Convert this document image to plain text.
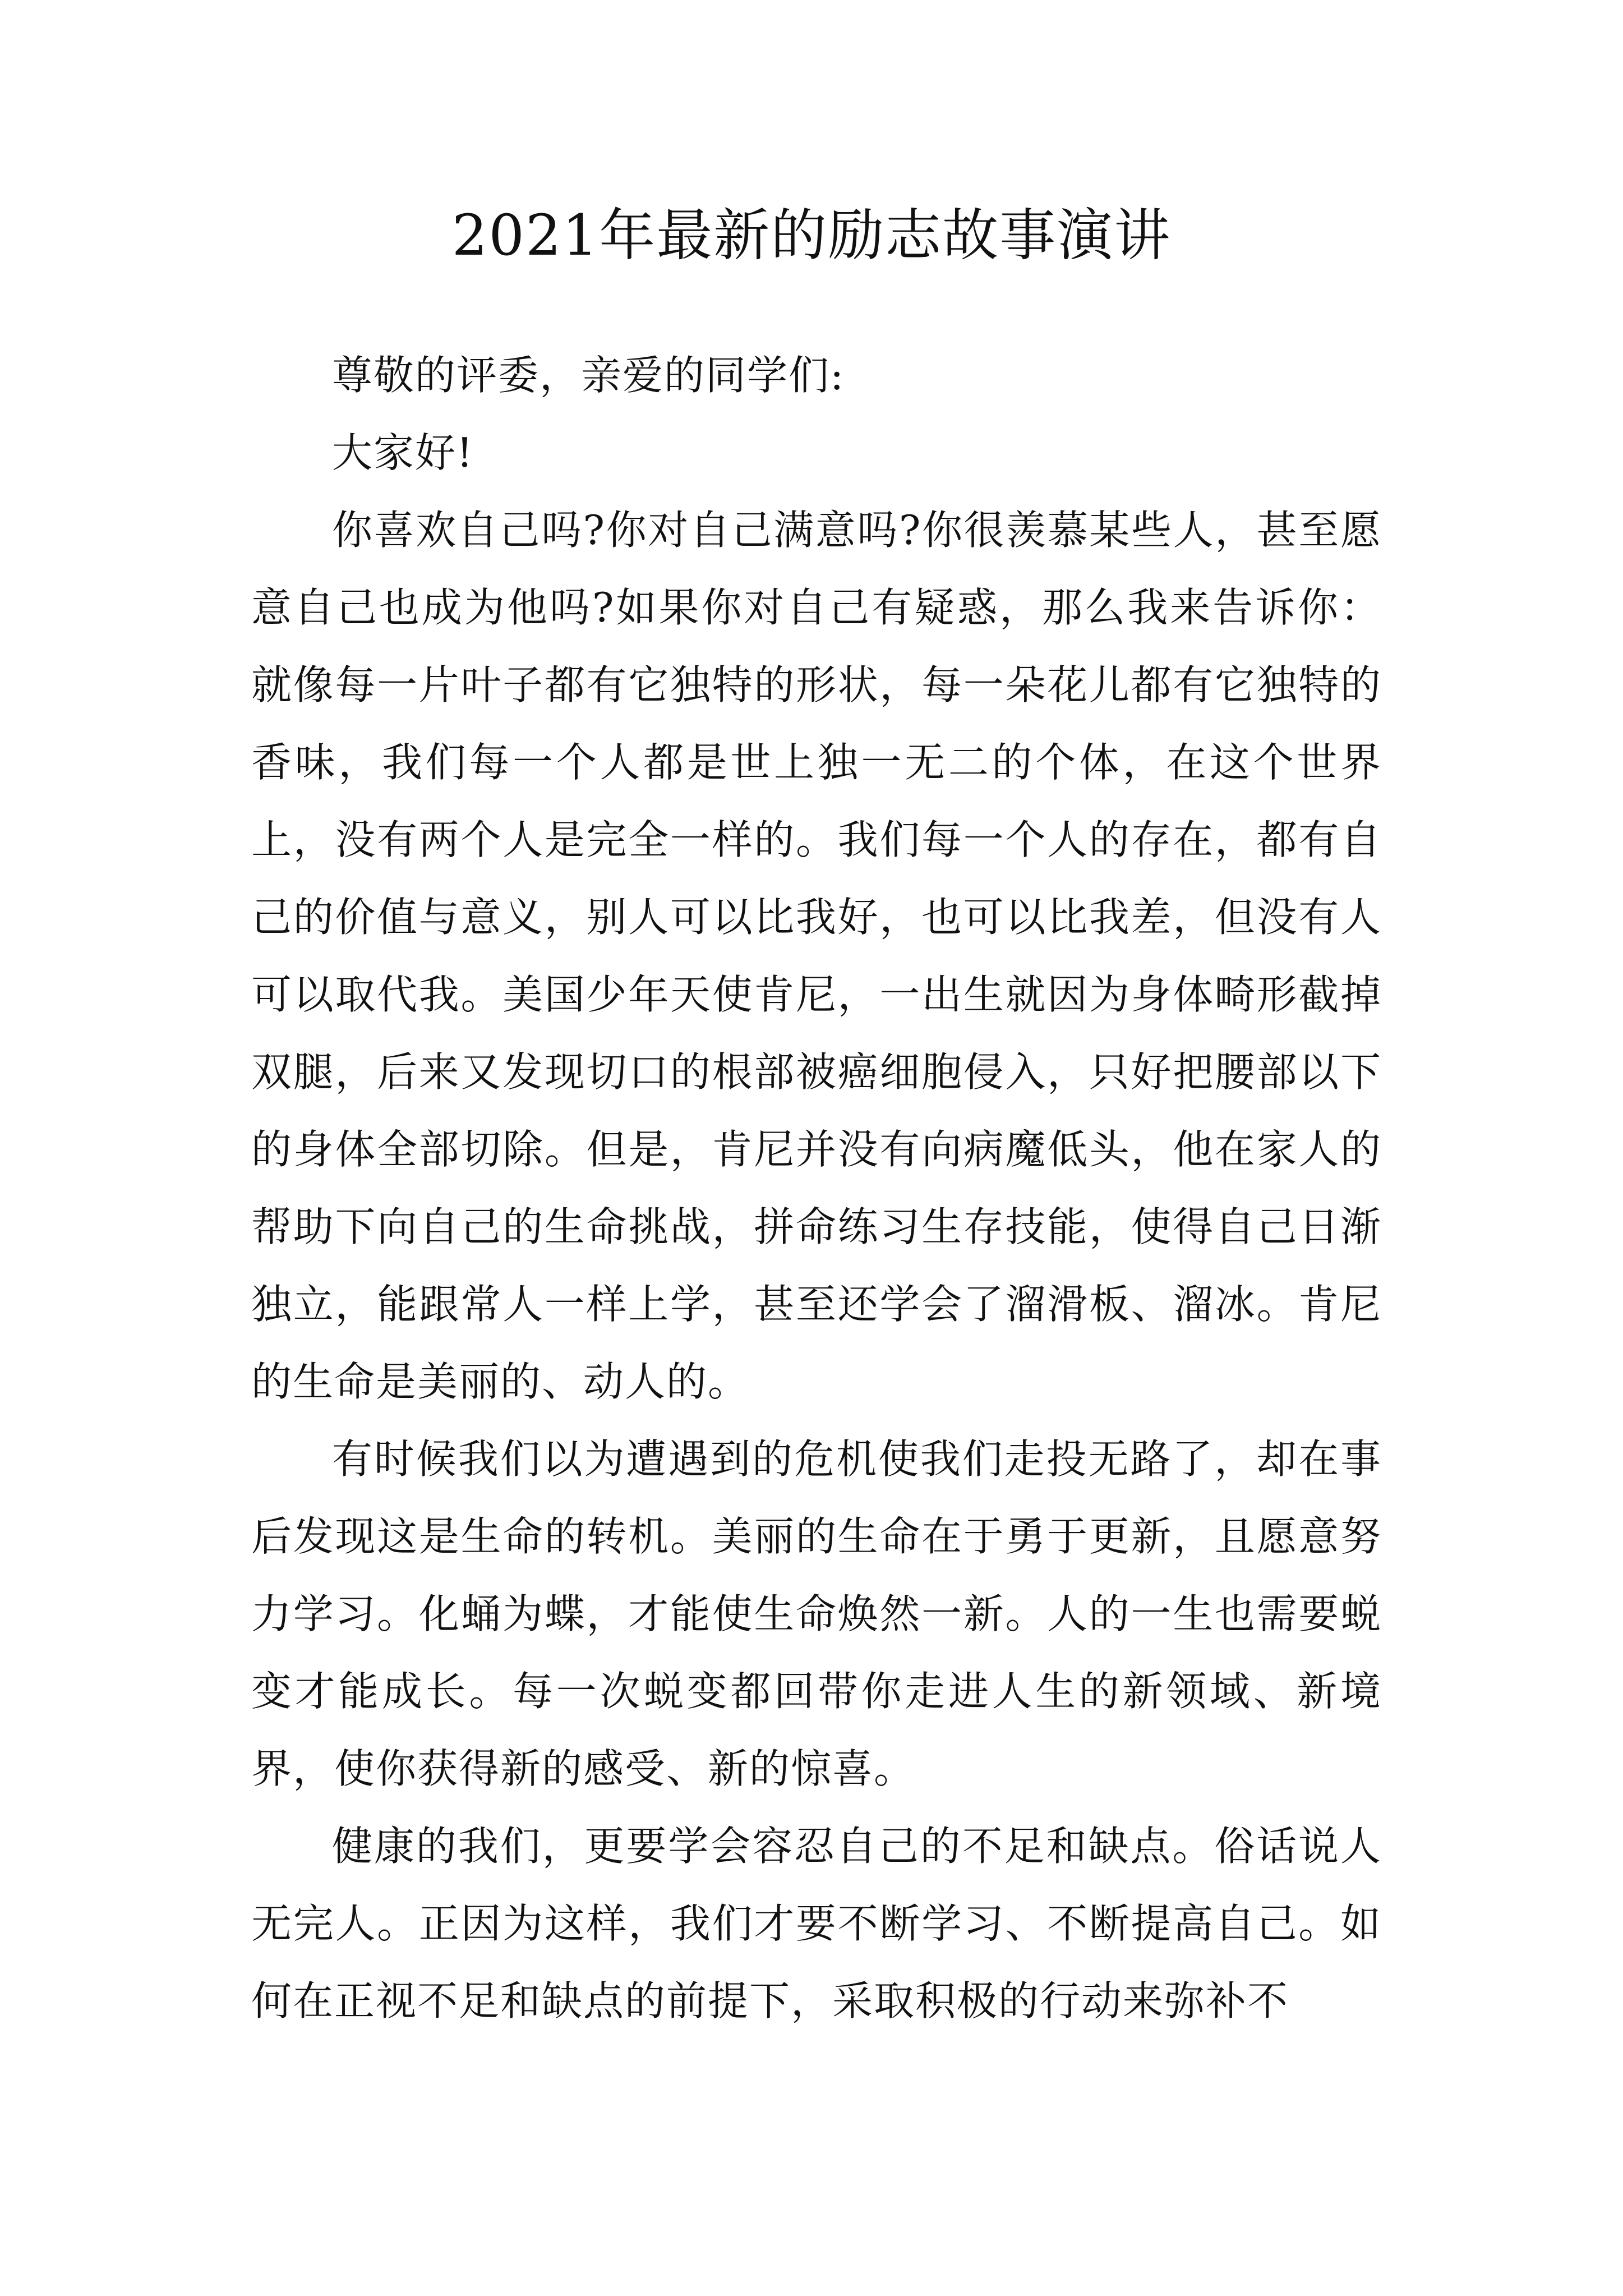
2021年最新的励志故事演讲

尊敬的评委，亲爱的同学们:

大家好!

你喜欢自己吗?你对自己满意吗?你很羡慕某些人，甚至愿意自己也成为他吗?如果你对自己有疑惑，那么我来告诉你：就像每一片叶子都有它独特的形状，每一朵花儿都有它独特的香味，我们每一个人都是世上独一无二的个体，在这个世界上，没有两个人是完全一样的。我们每一个人的存在，都有自己的价值与意义，别人可以比我好，也可以比我差，但没有人可以取代我。美国少年天使肯尼，一出生就因为身体畸形截掉双腿，后来又发现切口的根部被癌细胞侵入，只好把腰部以下的身体全部切除。但是，肯尼并没有向病魔低头，他在家人的帮助下向自己的生命挑战，拼命练习生存技能，使得自己日渐独立，能跟常人一样上学，甚至还学会了溜滑板、溜冰。肯尼的生命是美丽的、动人的。

有时候我们以为遭遇到的危机使我们走投无路了，却在事后发现这是生命的转机。美丽的生命在于勇于更新，且愿意努力学习。化蛹为蝶，才能使生命焕然一新。人的一生也需要蜕变才能成长。每一次蜕变都回带你走进人生的新领域、新境界，使你获得新的感受、新的惊喜。

健康的我们，更要学会容忍自己的不足和缺点。俗话说人无完人。正因为这样，我们才要不断学习、不断提高自己。如何在正视不足和缺点的前提下，采取积极的行动来弥补不
